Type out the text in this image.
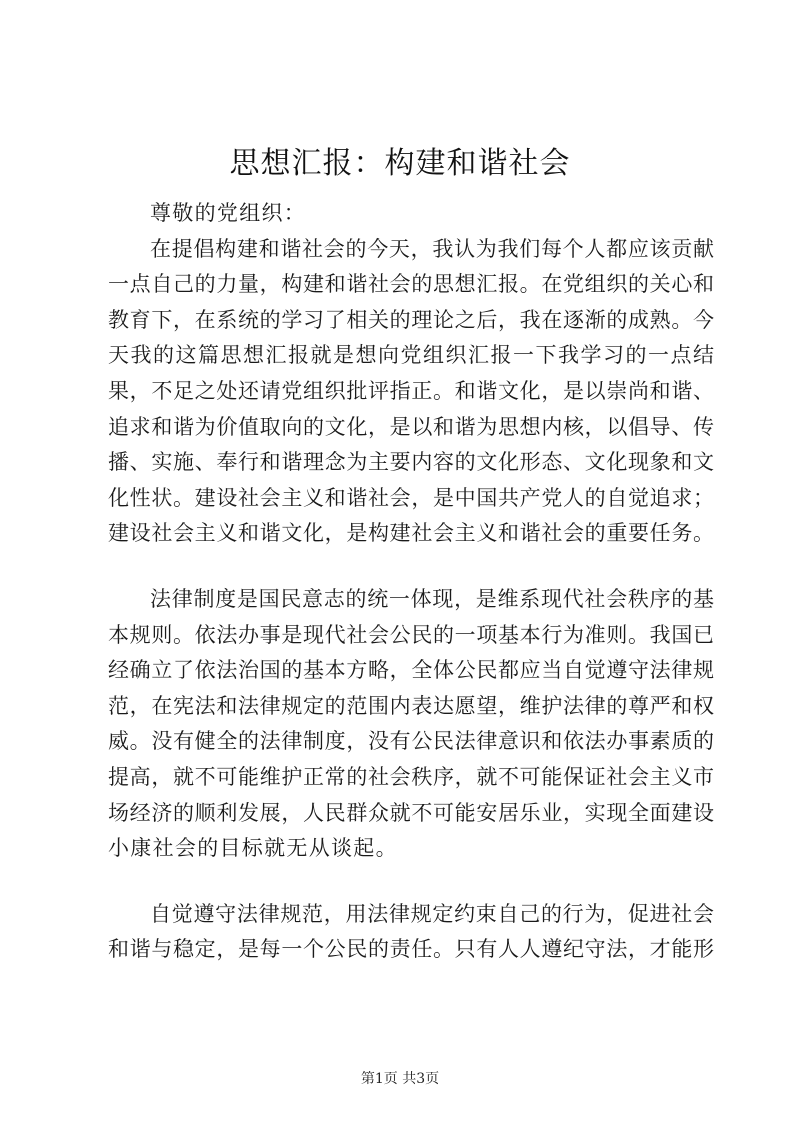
思想汇报：构建和谐社会
尊敬的党组织：
在提倡构建和谐社会的今天，我认为我们每个人都应该贡献
一点自己的力量，构建和谐社会的思想汇报。在党组织的关心和
教育下，在系统的学习了相关的理论之后，我在逐渐的成熟。今
天我的这篇思想汇报就是想向党组织汇报一下我学习的一点结
果，不足之处还请党组织批评指正。和谐文化，是以崇尚和谐、
追求和谐为价值取向的文化，是以和谐为思想内核，以倡导、传
播、实施、奉行和谐理念为主要内容的文化形态、文化现象和文
化性状。建设社会主义和谐社会，是中国共产党人的自觉追求；
建设社会主义和谐文化，是构建社会主义和谐社会的重要任务。
法律制度是国民意志的统一体现，是维系现代社会秩序的基
本规则。依法办事是现代社会公民的一项基本行为准则。我国已
经确立了依法治国的基本方略，全体公民都应当自觉遵守法律规
范，在宪法和法律规定的范围内表达愿望，维护法律的尊严和权
威。没有健全的法律制度，没有公民法律意识和依法办事素质的
提高，就不可能维护正常的社会秩序，就不可能保证社会主义市
场经济的顺利发展，人民群众就不可能安居乐业，实现全面建设
小康社会的目标就无从谈起。
自觉遵守法律规范，用法律规定约束自己的行为，促进社会
和谐与稳定，是每一个公民的责任。只有人人遵纪守法，才能形
第1页 共3页
